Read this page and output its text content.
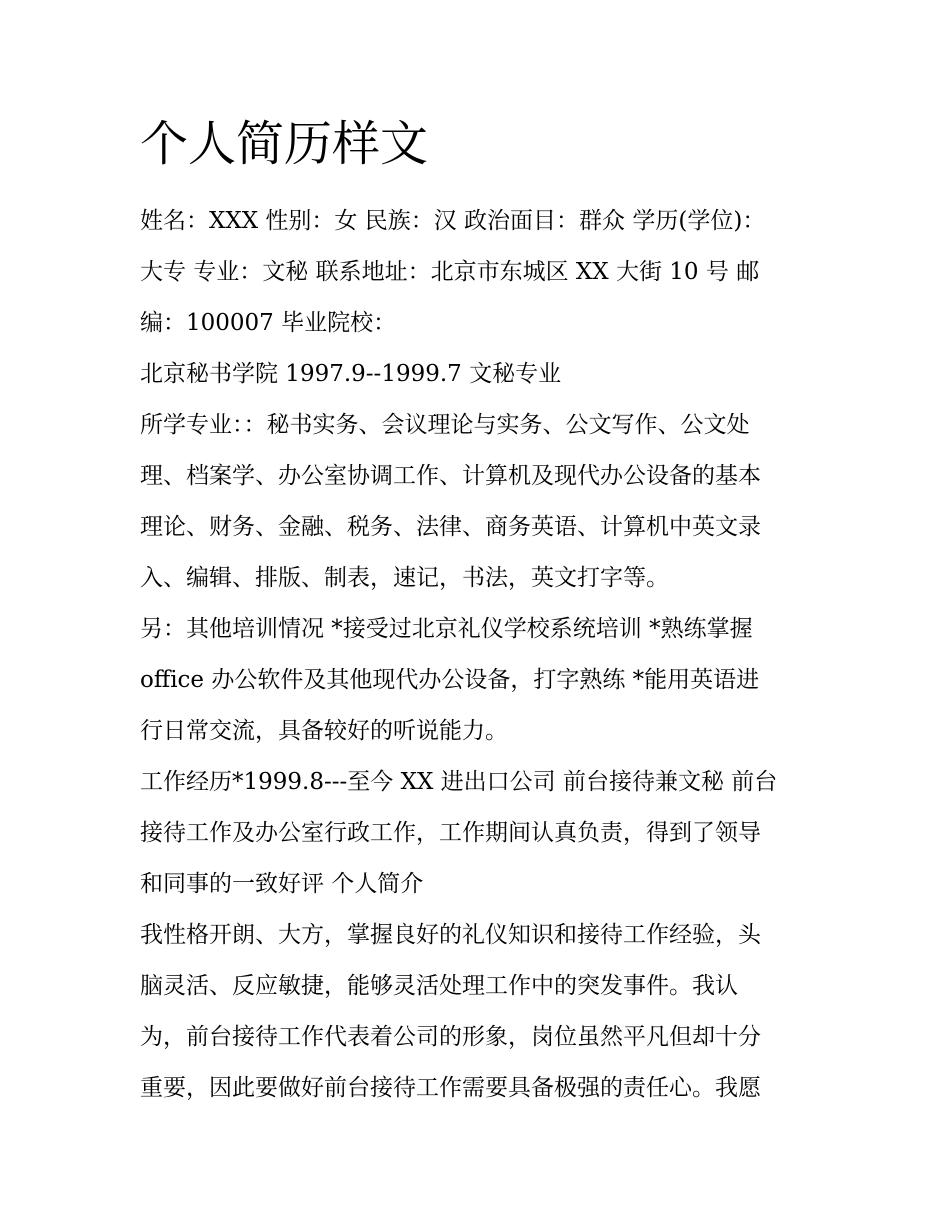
个人简历样文

姓名：XXX 性别：女 民族：汉 政治面目：群众 学历(学位)：

大专 专业：文秘 联系地址：北京市东城区 XX 大街 10 号 邮

编：100007 毕业院校：

北京秘书学院 1997.9--1999.7 文秘专业

所学专业：：秘书实务、会议理论与实务、公文写作、公文处

理、档案学、办公室协调工作、计算机及现代办公设备的基本

理论、财务、金融、税务、法律、商务英语、计算机中英文录

入、编辑、排版、制表，速记，书法，英文打字等。

另：其他培训情况 *接受过北京礼仪学校系统培训 *熟练掌握

office 办公软件及其他现代办公设备，打字熟练 *能用英语进

行日常交流，具备较好的听说能力。

工作经历*1999.8---至今 XX 进出口公司 前台接待兼文秘 前台

接待工作及办公室行政工作，工作期间认真负责，得到了领导

和同事的一致好评 个人简介

我性格开朗、大方，掌握良好的礼仪知识和接待工作经验，头

脑灵活、反应敏捷，能够灵活处理工作中的突发事件。我认

为，前台接待工作代表着公司的形象，岗位虽然平凡但却十分

重要，因此要做好前台接待工作需要具备极强的责任心。我愿
